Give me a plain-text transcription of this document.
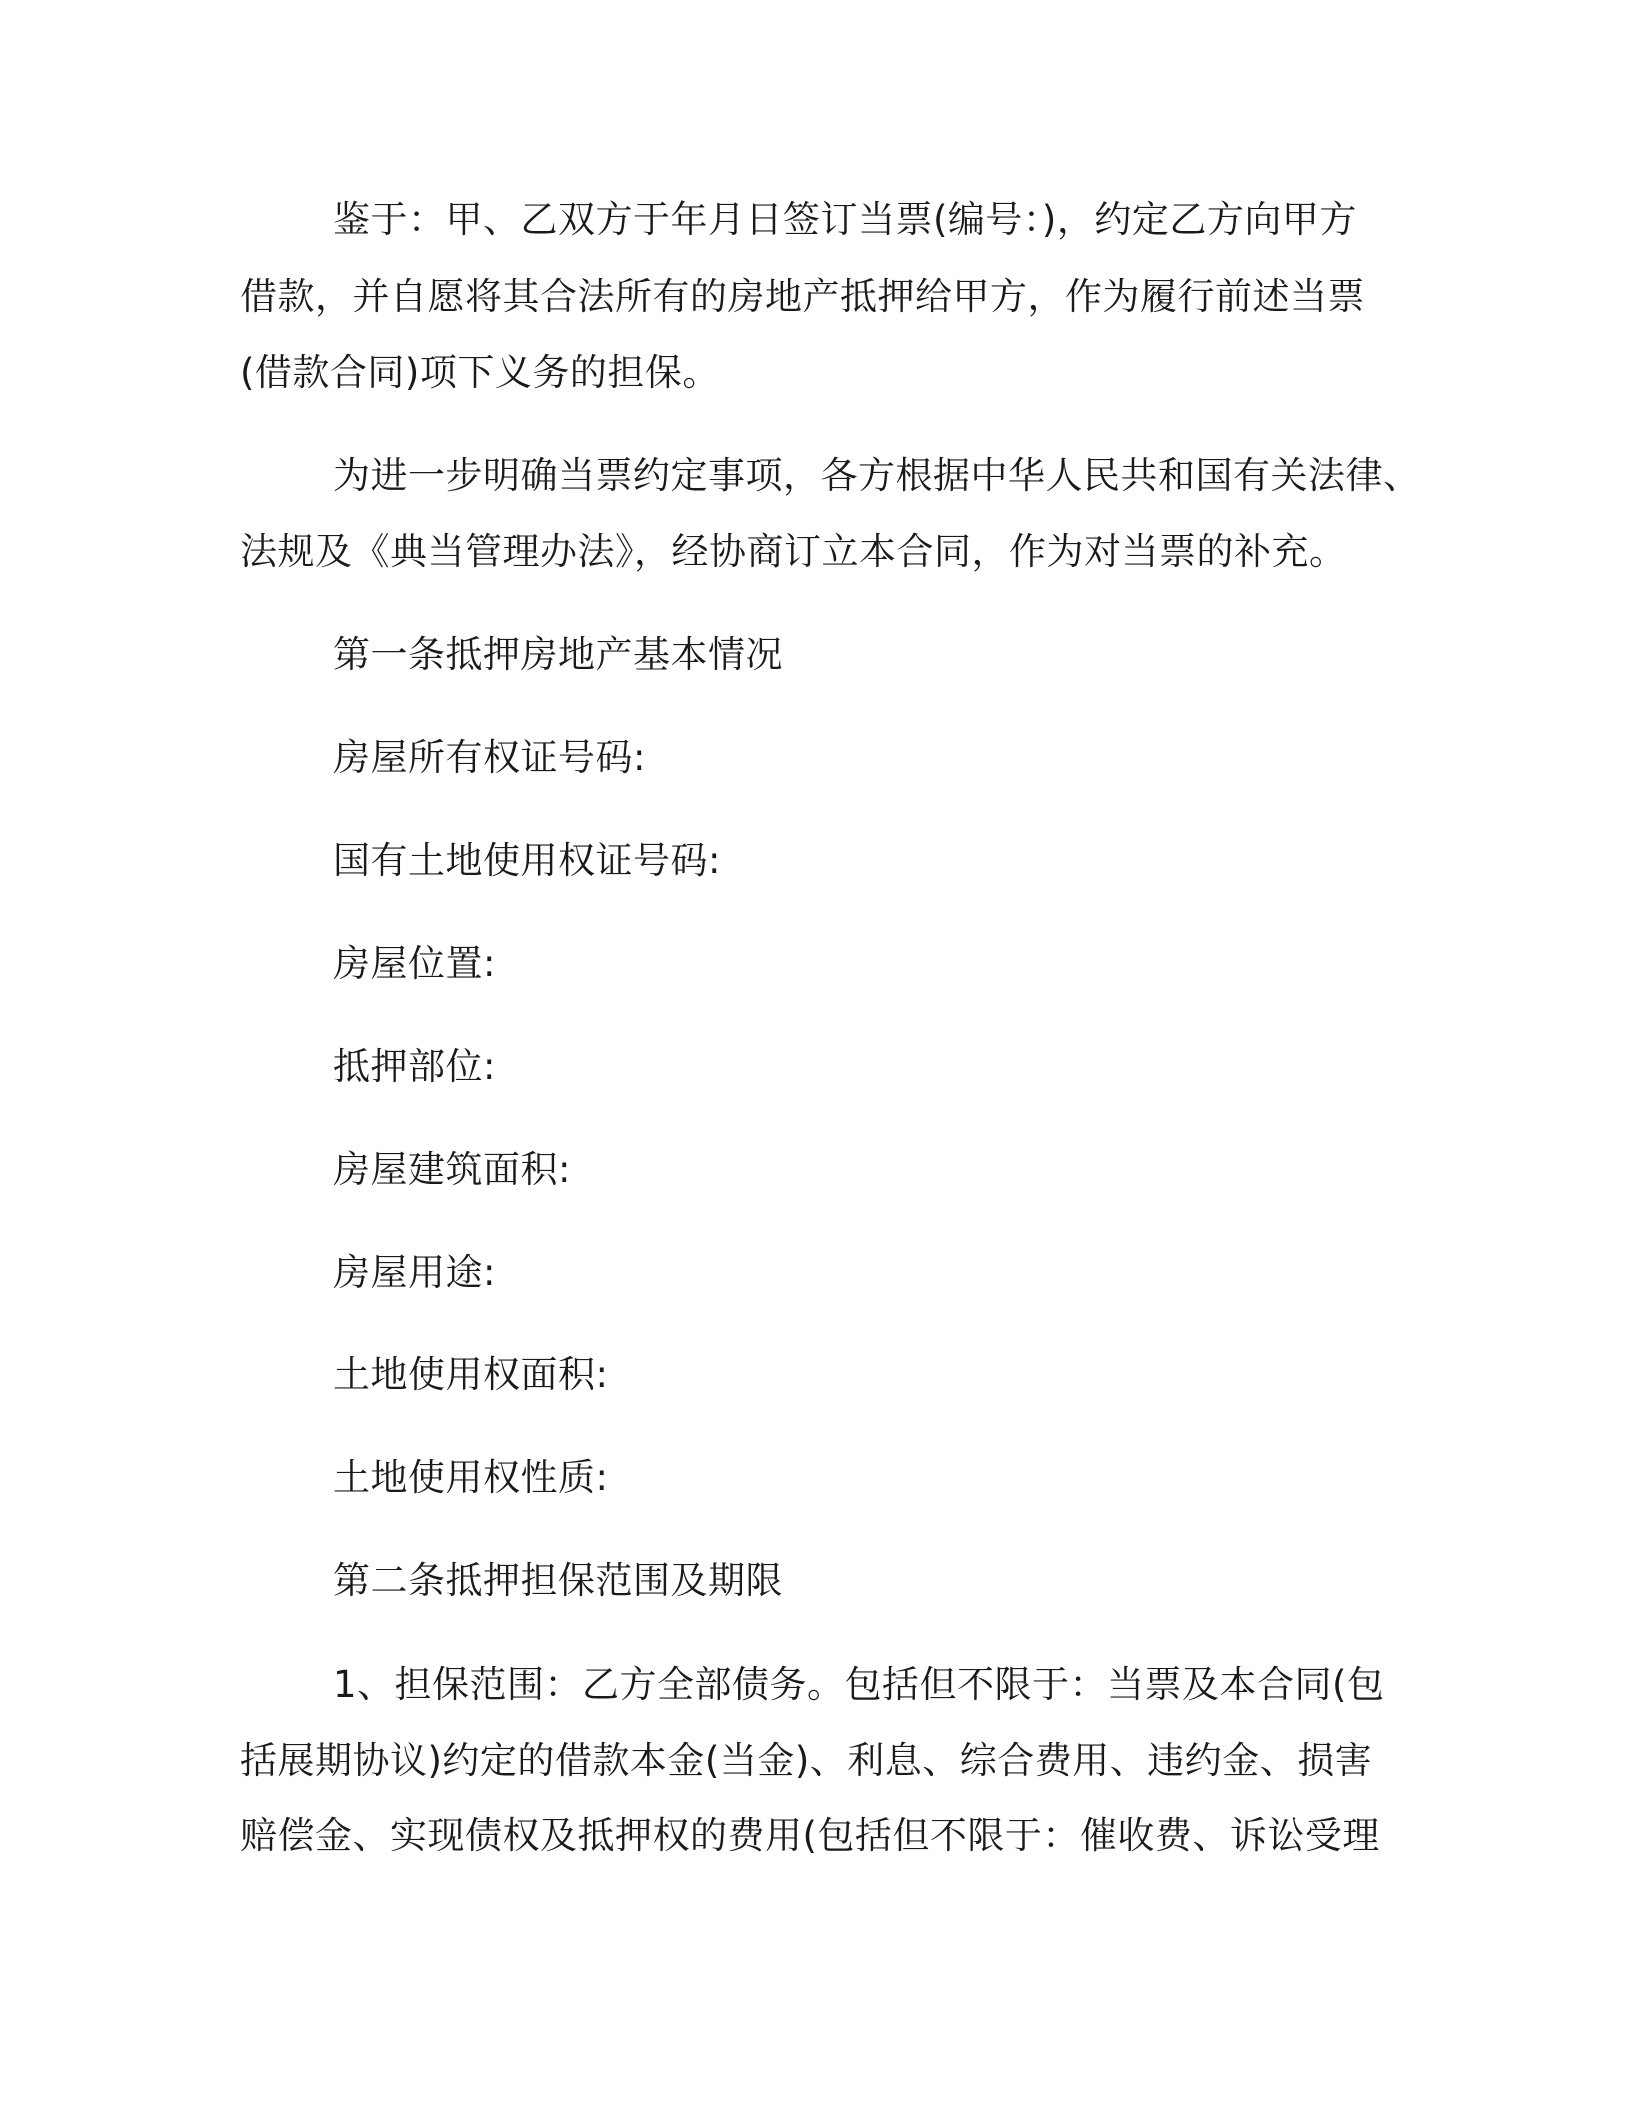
鉴于：甲、乙双方于年月日签订当票(编号：)，约定乙方向甲方
借款，并自愿将其合法所有的房地产抵押给甲方，作为履行前述当票
(借款合同)项下义务的担保。
为进一步明确当票约定事项，各方根据中华人民共和国有关法律、
法规及《典当管理办法》，经协商订立本合同，作为对当票的补充。
第一条抵押房地产基本情况
房屋所有权证号码:
国有土地使用权证号码:
房屋位置:
抵押部位:
房屋建筑面积:
房屋用途:
土地使用权面积:
土地使用权性质:
第二条抵押担保范围及期限
1、担保范围：乙方全部债务。包括但不限于：当票及本合同(包
括展期协议)约定的借款本金(当金)、利息、综合费用、违约金、损害
赔偿金、实现债权及抵押权的费用(包括但不限于：催收费、诉讼受理
